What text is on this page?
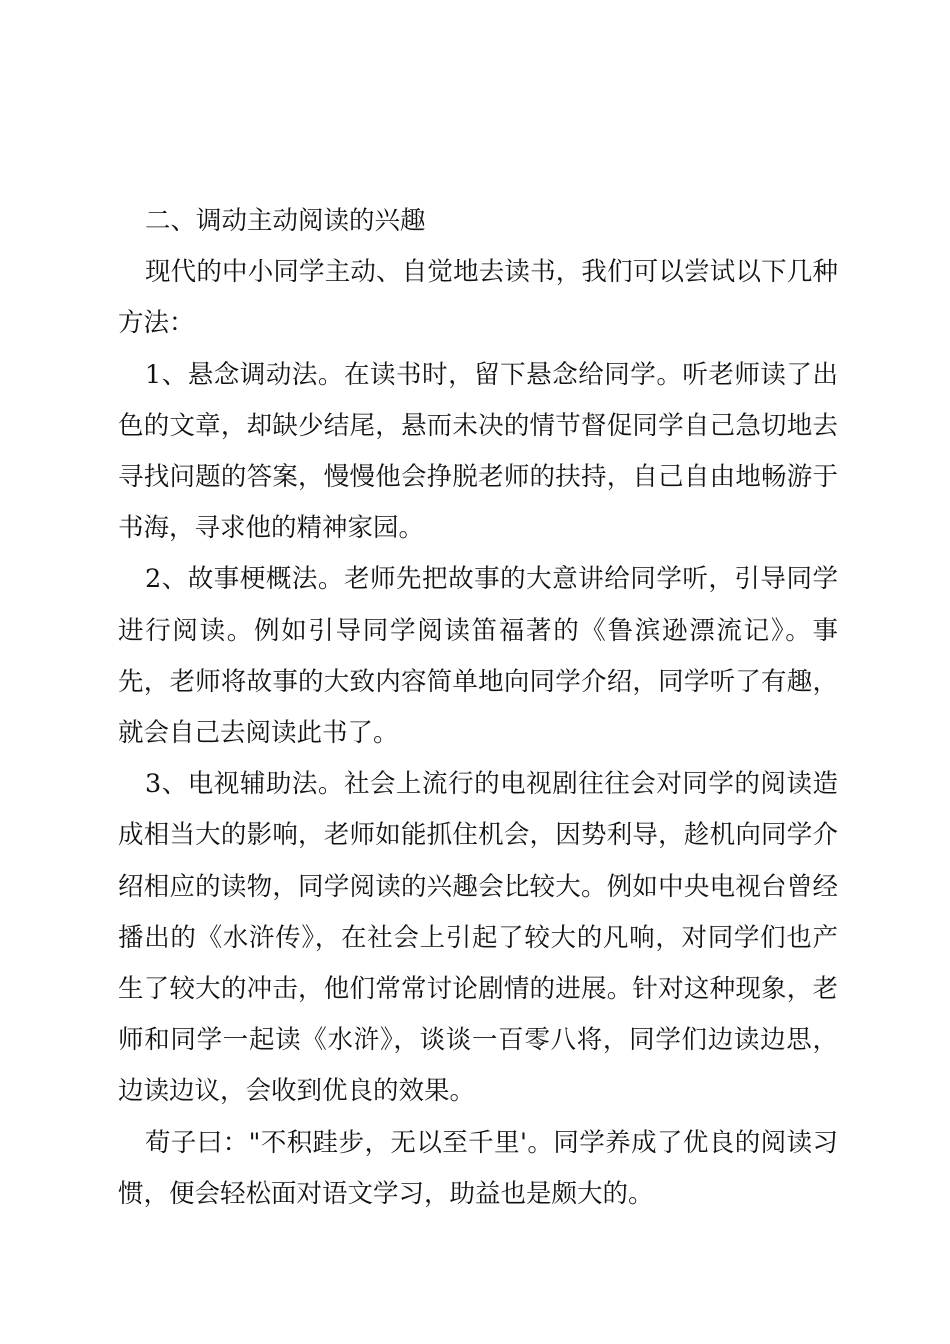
二、调动主动阅读的兴趣

现代的中小同学主动、自觉地去读书，我们可以尝试以下几种方法：

1、悬念调动法。在读书时，留下悬念给同学。听老师读了出色的文章，却缺少结尾，悬而未决的情节督促同学自己急切地去寻找问题的答案，慢慢他会挣脱老师的扶持，自己自由地畅游于书海，寻求他的精神家园。

2、故事梗概法。老师先把故事的大意讲给同学听，引导同学进行阅读。例如引导同学阅读笛福著的《鲁滨逊漂流记》。事先，老师将故事的大致内容简单地向同学介绍，同学听了有趣，就会自己去阅读此书了。

3、电视辅助法。社会上流行的电视剧往往会对同学的阅读造成相当大的影响，老师如能抓住机会，因势利导，趁机向同学介绍相应的读物，同学阅读的兴趣会比较大。例如中央电视台曾经播出的《水浒传》，在社会上引起了较大的凡响，对同学们也产生了较大的冲击，他们常常讨论剧情的进展。针对这种现象，老师和同学一起读《水浒》，谈谈一百零八将，同学们边读边思，边读边议，会收到优良的效果。

荀子曰："不积跬步，无以至千里'。同学养成了优良的阅读习惯，便会轻松面对语文学习，助益也是颇大的。
